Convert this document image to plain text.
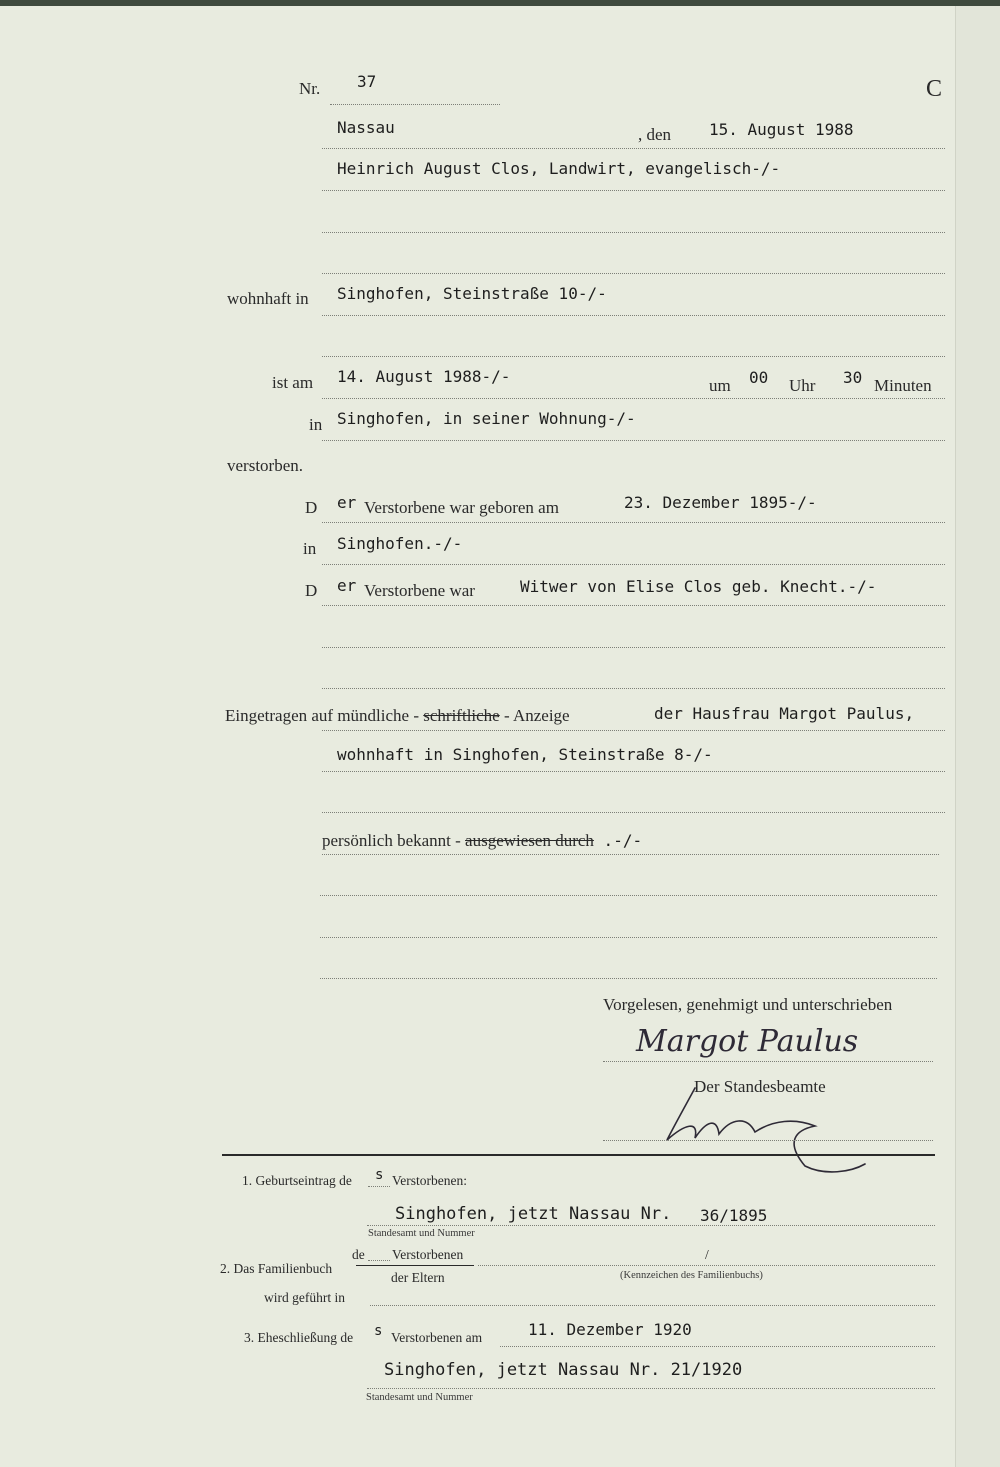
Nr. 37	C
Nassau	, den 15. August 1988
Heinrich August Clos, Landwirt, evangelisch-/-
wohnhaft in Singhofen, Steinstraße 10-/-
ist am 14. August 1988-/-	um 00 Uhr 30 Minuten
in Singhofen, in seiner Wohnung-/-
verstorben.
D er Verstorbene war geboren am	23. Dezember 1895-/-
in Singhofen.-/-
D er Verstorbene war	Witwer von Elise Clos geb. Knecht.-/-
Eingetragen auf mündliche - schriftliche - Anzeige	der Hausfrau Margot Paulus,
wohnhaft in Singhofen, Steinstraße 8-/-
persönlich bekannt - ausgewiesen durch .-/-
Vorgelesen, genehmigt und unterschrieben
Margot Paulus
Der Standesbeamte
1. Geburtseintrag de s Verstorbenen:
Singhofen, jetzt Nassau Nr. 36/1895
Standesamt und Nummer
2. Das Familienbuch
de Verstorbenen
der Eltern
/
(Kennzeichen des Familienbuchs)
wird geführt in
3. Eheschließung de s Verstorbenen am	11. Dezember 1920
Singhofen, jetzt Nassau Nr. 21/1920
Standesamt und Nummer
